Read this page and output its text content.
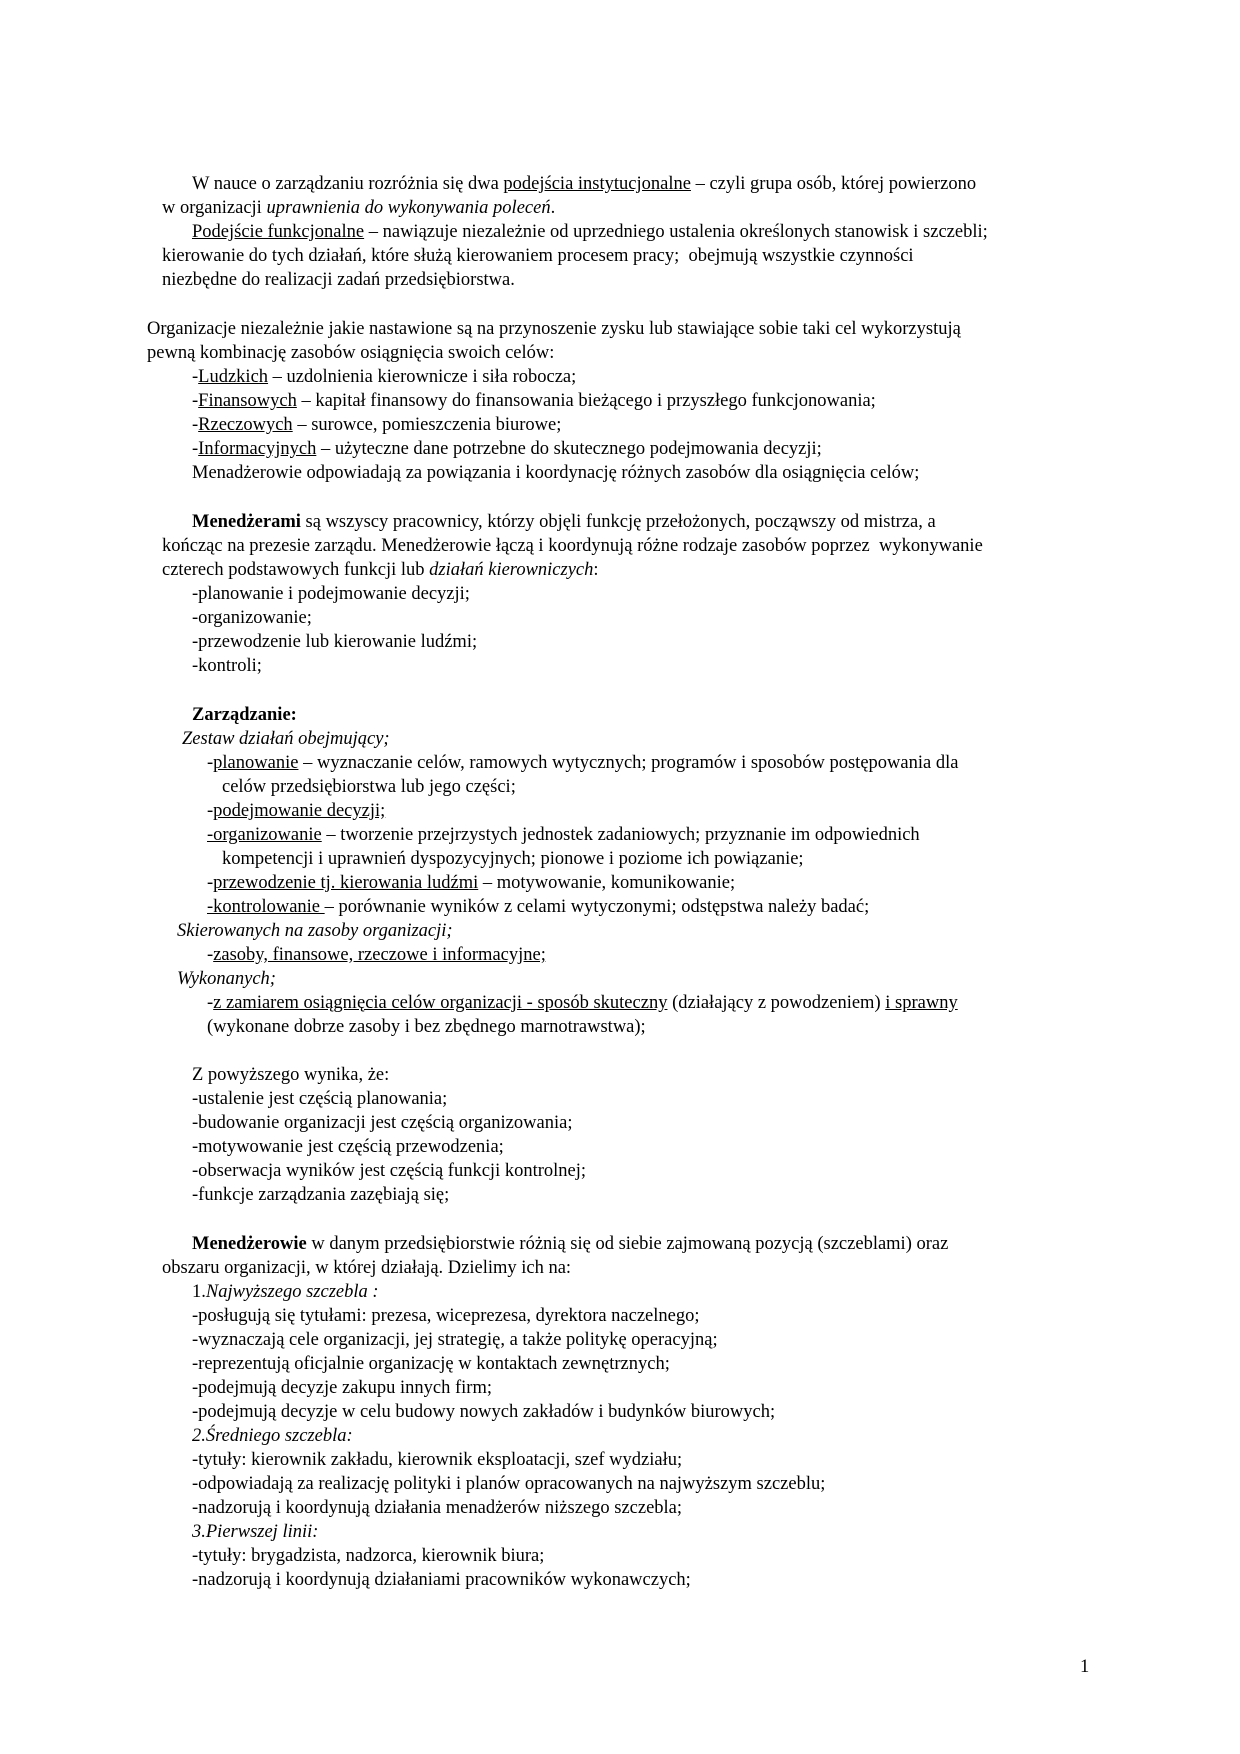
W nauce o zarządzaniu rozróżnia się dwa podejścia instytucjonalne – czyli grupa osób, której powierzono
w organizacji uprawnienia do wykonywania poleceń.
Podejście funkcjonalne – nawiązuje niezależnie od uprzedniego ustalenia określonych stanowisk i szczebli;
kierowanie do tych działań, które służą kierowaniem procesem pracy;  obejmują wszystkie czynności
niezbędne do realizacji zadań przedsiębiorstwa.
Organizacje niezależnie jakie nastawione są na przynoszenie zysku lub stawiające sobie taki cel wykorzystują
pewną kombinację zasobów osiągnięcia swoich celów:
-Ludzkich – uzdolnienia kierownicze i siła robocza;
-Finansowych – kapitał finansowy do finansowania bieżącego i przyszłego funkcjonowania;
-Rzeczowych – surowce, pomieszczenia biurowe;
-Informacyjnych – użyteczne dane potrzebne do skutecznego podejmowania decyzji;
Menadżerowie odpowiadają za powiązania i koordynację różnych zasobów dla osiągnięcia celów;
Menedżerami są wszyscy pracownicy, którzy objęli funkcję przełożonych, począwszy od mistrza, a
kończąc na prezesie zarządu. Menedżerowie łączą i koordynują różne rodzaje zasobów poprzez  wykonywanie
czterech podstawowych funkcji lub działań kierowniczych:
-planowanie i podejmowanie decyzji;
-organizowanie;
-przewodzenie lub kierowanie ludźmi;
-kontroli;
Zarządzanie:
Zestaw działań obejmujący;
-planowanie – wyznaczanie celów, ramowych wytycznych; programów i sposobów postępowania dla
celów przedsiębiorstwa lub jego części;
-podejmowanie decyzji;
-organizowanie – tworzenie przejrzystych jednostek zadaniowych; przyznanie im odpowiednich
kompetencji i uprawnień dyspozycyjnych; pionowe i poziome ich powiązanie;
-przewodzenie tj. kierowania ludźmi – motywowanie, komunikowanie;
-kontrolowanie – porównanie wyników z celami wytyczonymi; odstępstwa należy badać;
Skierowanych na zasoby organizacji;
-zasoby, finansowe, rzeczowe i informacyjne;
Wykonanych;
-z zamiarem osiągnięcia celów organizacji - sposób skuteczny (działający z powodzeniem) i sprawny
(wykonane dobrze zasoby i bez zbędnego marnotrawstwa);
Z powyższego wynika, że:
-ustalenie jest częścią planowania;
-budowanie organizacji jest częścią organizowania;
-motywowanie jest częścią przewodzenia;
-obserwacja wyników jest częścią funkcji kontrolnej;
-funkcje zarządzania zazębiają się;
Menedżerowie w danym przedsiębiorstwie różnią się od siebie zajmowaną pozycją (szczeblami) oraz
obszaru organizacji, w której działają. Dzielimy ich na:
1.Najwyższego szczebla :
-posługują się tytułami: prezesa, wiceprezesa, dyrektora naczelnego;
-wyznaczają cele organizacji, jej strategię, a także politykę operacyjną;
-reprezentują oficjalnie organizację w kontaktach zewnętrznych;
-podejmują decyzje zakupu innych firm;
-podejmują decyzje w celu budowy nowych zakładów i budynków biurowych;
2.Średniego szczebla:
-tytuły: kierownik zakładu, kierownik eksploatacji, szef wydziału;
-odpowiadają za realizację polityki i planów opracowanych na najwyższym szczeblu;
-nadzorują i koordynują działania menadżerów niższego szczebla;
3.Pierwszej linii:
-tytuły: brygadzista, nadzorca, kierownik biura;
-nadzorują i koordynują działaniami pracowników wykonawczych;
1
